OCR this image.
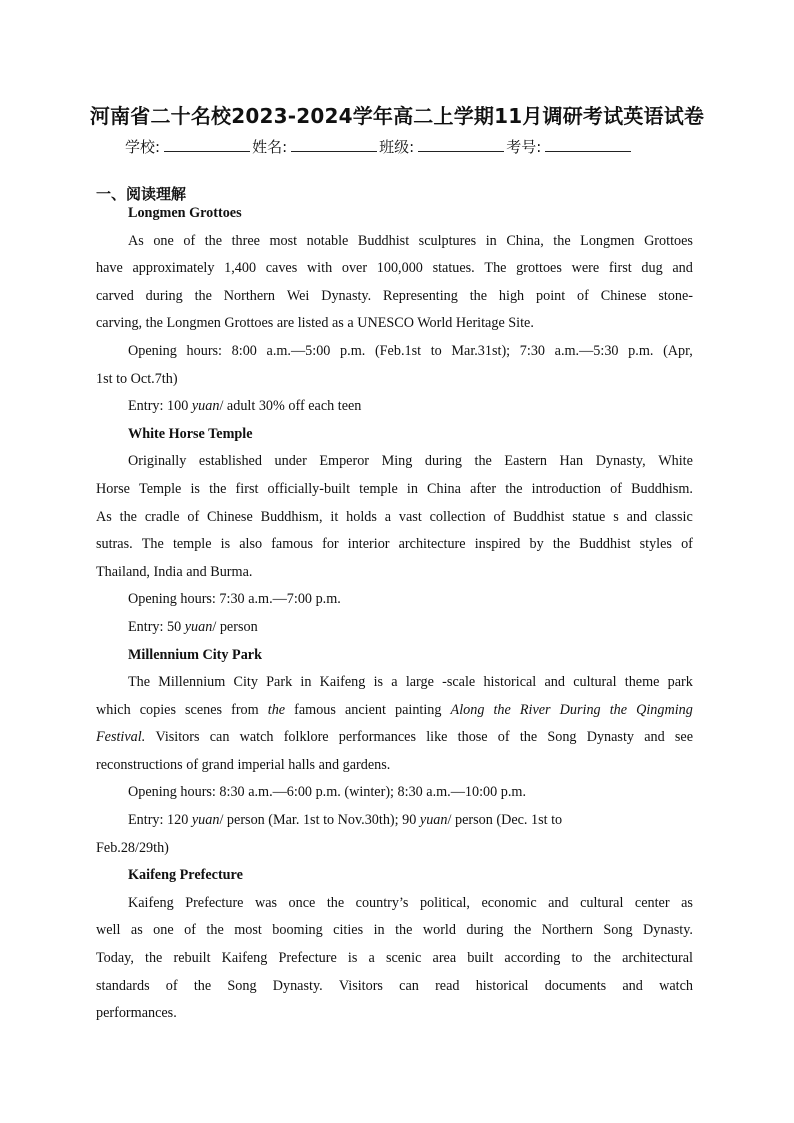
河南省二十名校2023-2024学年高二上学期11月调研考试英语试卷
学校:	姓名:	班级:	考号:
一、阅读理解
Longmen Grottoes
As one of the three most notable Buddhist sculptures in China, the Longmen Grottoes
have approximately 1,400 caves with over 100,000 statues. The grottoes were first dug and
carved during the Northern Wei Dynasty. Representing the high point of Chinese stone-
carving, the Longmen Grottoes are listed as a UNESCO World Heritage Site.
Opening hours: 8:00 a.m.—5:00 p.m. (Feb.1st to Mar.31st); 7:30 a.m.—5:30 p.m. (Apr,
1st to Oct.7th)
Entry: 100 yuan/ adult 30% off each teen
White Horse Temple
Originally established under Emperor Ming during the Eastern Han Dynasty, White
Horse Temple is the first officially-built temple in China after the introduction of Buddhism.
As the cradle of Chinese Buddhism, it holds a vast collection of Buddhist statue s and classic
sutras. The temple is also famous for interior architecture inspired by the Buddhist styles of
Thailand, India and Burma.
Opening hours: 7:30 a.m.—7:00 p.m.
Entry: 50 yuan/ person
Millennium City Park
The Millennium City Park in Kaifeng is a large -scale historical and cultural theme park
which copies scenes from the famous ancient painting Along the River During the Qingming
Festival. Visitors can watch folklore performances like those of the Song Dynasty and see
reconstructions of grand imperial halls and gardens.
Opening hours: 8:30 a.m.—6:00 p.m. (winter); 8:30 a.m.—10:00 p.m.
Entry: 120 yuan/ person (Mar. 1st to Nov.30th); 90 yuan/ person (Dec. 1st to
Feb.28/29th)
Kaifeng Prefecture
Kaifeng Prefecture was once the country’s political, economic and cultural center as
well as one of the most booming cities in the world during the Northern Song Dynasty.
Today, the rebuilt Kaifeng Prefecture is a scenic area built according to the architectural
standards of the Song Dynasty. Visitors can read historical documents and watch
performances.
